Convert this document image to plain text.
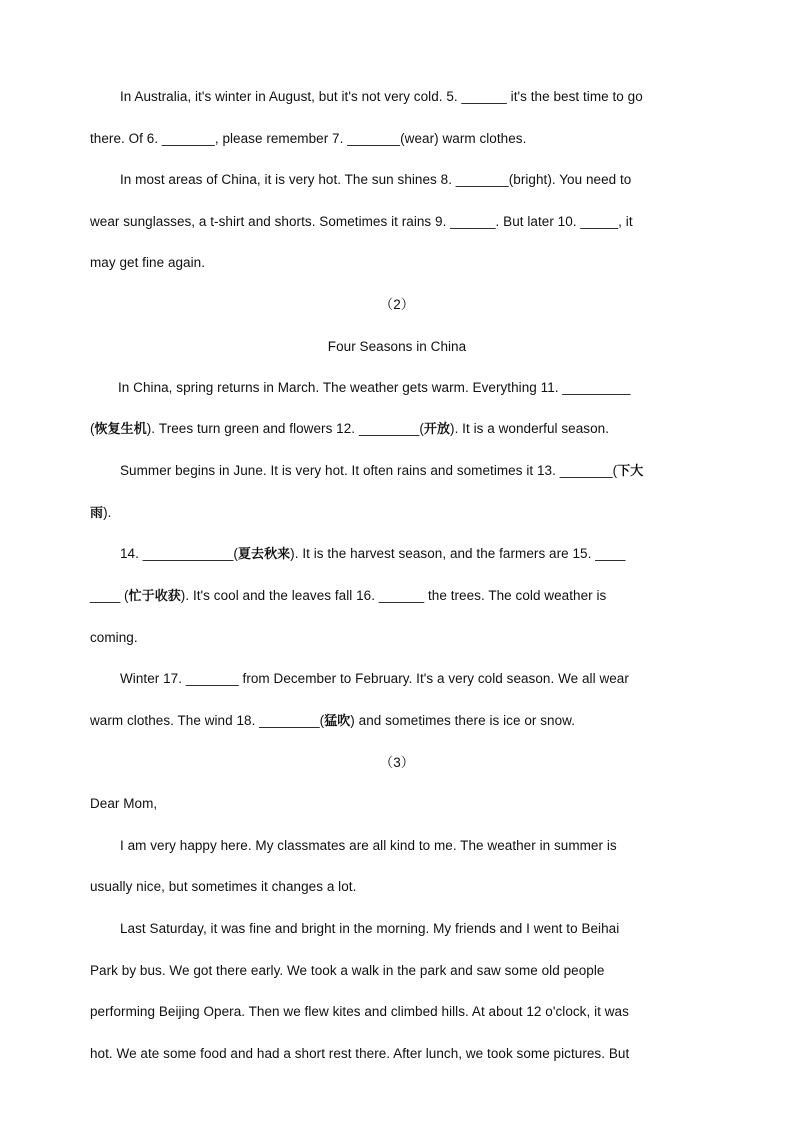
In Australia, it's winter in August, but it's not very cold. 5. ______ it's the best time to go
there. Of 6. _______, please remember 7. _______(wear) warm clothes.
In most areas of China, it is very hot. The sun shines 8. _______(bright). You need to
wear sunglasses, a t-shirt and shorts. Sometimes it rains 9. ______. But later 10. _____, it
may get fine again.
（2）
Four Seasons in China
In China, spring returns in March. The weather gets warm. Everything 11. _________
(恢复生机). Trees turn green and flowers 12. ________(开放). It is a wonderful season.
Summer begins in June. It is very hot. It often rains and sometimes it 13. _______(下大
雨).
14. ____________(夏去秋来). It is the harvest season, and the farmers are 15. ____
____ (忙于收获). It's cool and the leaves fall 16. ______ the trees. The cold weather is
coming.
Winter 17. _______ from December to February. It's a very cold season. We all wear
warm clothes. The wind 18. ________(猛吹) and sometimes there is ice or snow.
（3）
Dear Mom,
I am very happy here. My classmates are all kind to me. The weather in summer is
usually nice, but sometimes it changes a lot.
Last Saturday, it was fine and bright in the morning. My friends and I went to Beihai
Park by bus. We got there early. We took a walk in the park and saw some old people
performing Beijing Opera. Then we flew kites and climbed hills. At about 12 o'clock, it was
hot. We ate some food and had a short rest there. After lunch, we took some pictures. But
